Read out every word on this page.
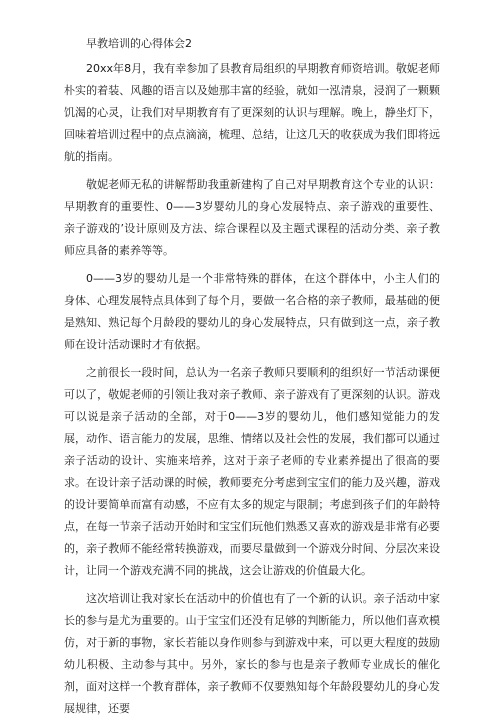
早教培训的心得体会2

20xx年8月，我有幸参加了县教育局组织的早期教育师资培训。敬妮老师朴实的着装、风趣的语言以及她那丰富的经验，就如一泓清泉，浸润了一颗颗饥渴的心灵，让我们对早期教育有了更深刻的认识与理解。晚上，静坐灯下，回味着培训过程中的点点滴滴，梳理、总结，让这几天的收获成为我们即将远航的指南。

敬妮老师无私的讲解帮助我重新建构了自己对早期教育这个专业的认识：早期教育的重要性、0——3岁婴幼儿的身心发展特点、亲子游戏的重要性、亲子游戏的’设计原则及方法、综合课程以及主题式课程的活动分类、亲子教师应具备的素养等等。

0——3岁的婴幼儿是一个非常特殊的群体，在这个群体中，小主人们的身体、心理发展特点具体到了每个月，要做一名合格的亲子教师，最基础的便是熟知、熟记每个月龄段的婴幼儿的身心发展特点，只有做到这一点，亲子教师在设计活动课时才有依据。

之前很长一段时间，总认为一名亲子教师只要顺利的组织好一节活动课便可以了，敬妮老师的引领让我对亲子教师、亲子游戏有了更深刻的认识。游戏可以说是亲子活动的全部，对于0——3岁的婴幼儿，他们感知觉能力的发展，动作、语言能力的发展，思维、情绪以及社会性的发展，我们都可以通过亲子活动的设计、实施来培养，这对于亲子老师的专业素养提出了很高的要求。在设计亲子活动课的时候，教师要充分考虑到宝宝们的能力及兴趣，游戏的设计要简单而富有动感，不应有太多的规定与限制；考虑到孩子们的年龄特点，在每一节亲子活动开始时和宝宝们玩他们熟悉又喜欢的游戏是非常有必要的，亲子教师不能经常转换游戏，而要尽量做到一个游戏分时间、分层次来设计，让同一个游戏充满不同的挑战，这会让游戏的价值最大化。

这次培训让我对家长在活动中的价值也有了一个新的认识。亲子活动中家长的参与是尤为重要的。山于宝宝们还没有足够的判断能力，所以他们喜欢模仿，对于新的事物，家长若能以身作则参与到游戏中来，可以更大程度的鼓励幼儿积极、主动参与其中。另外，家长的参与也是亲子教师专业成长的催化剂，面对这样一个教育群体，亲子教师不仅要熟知每个年龄段婴幼儿的身心发展规律，还要
